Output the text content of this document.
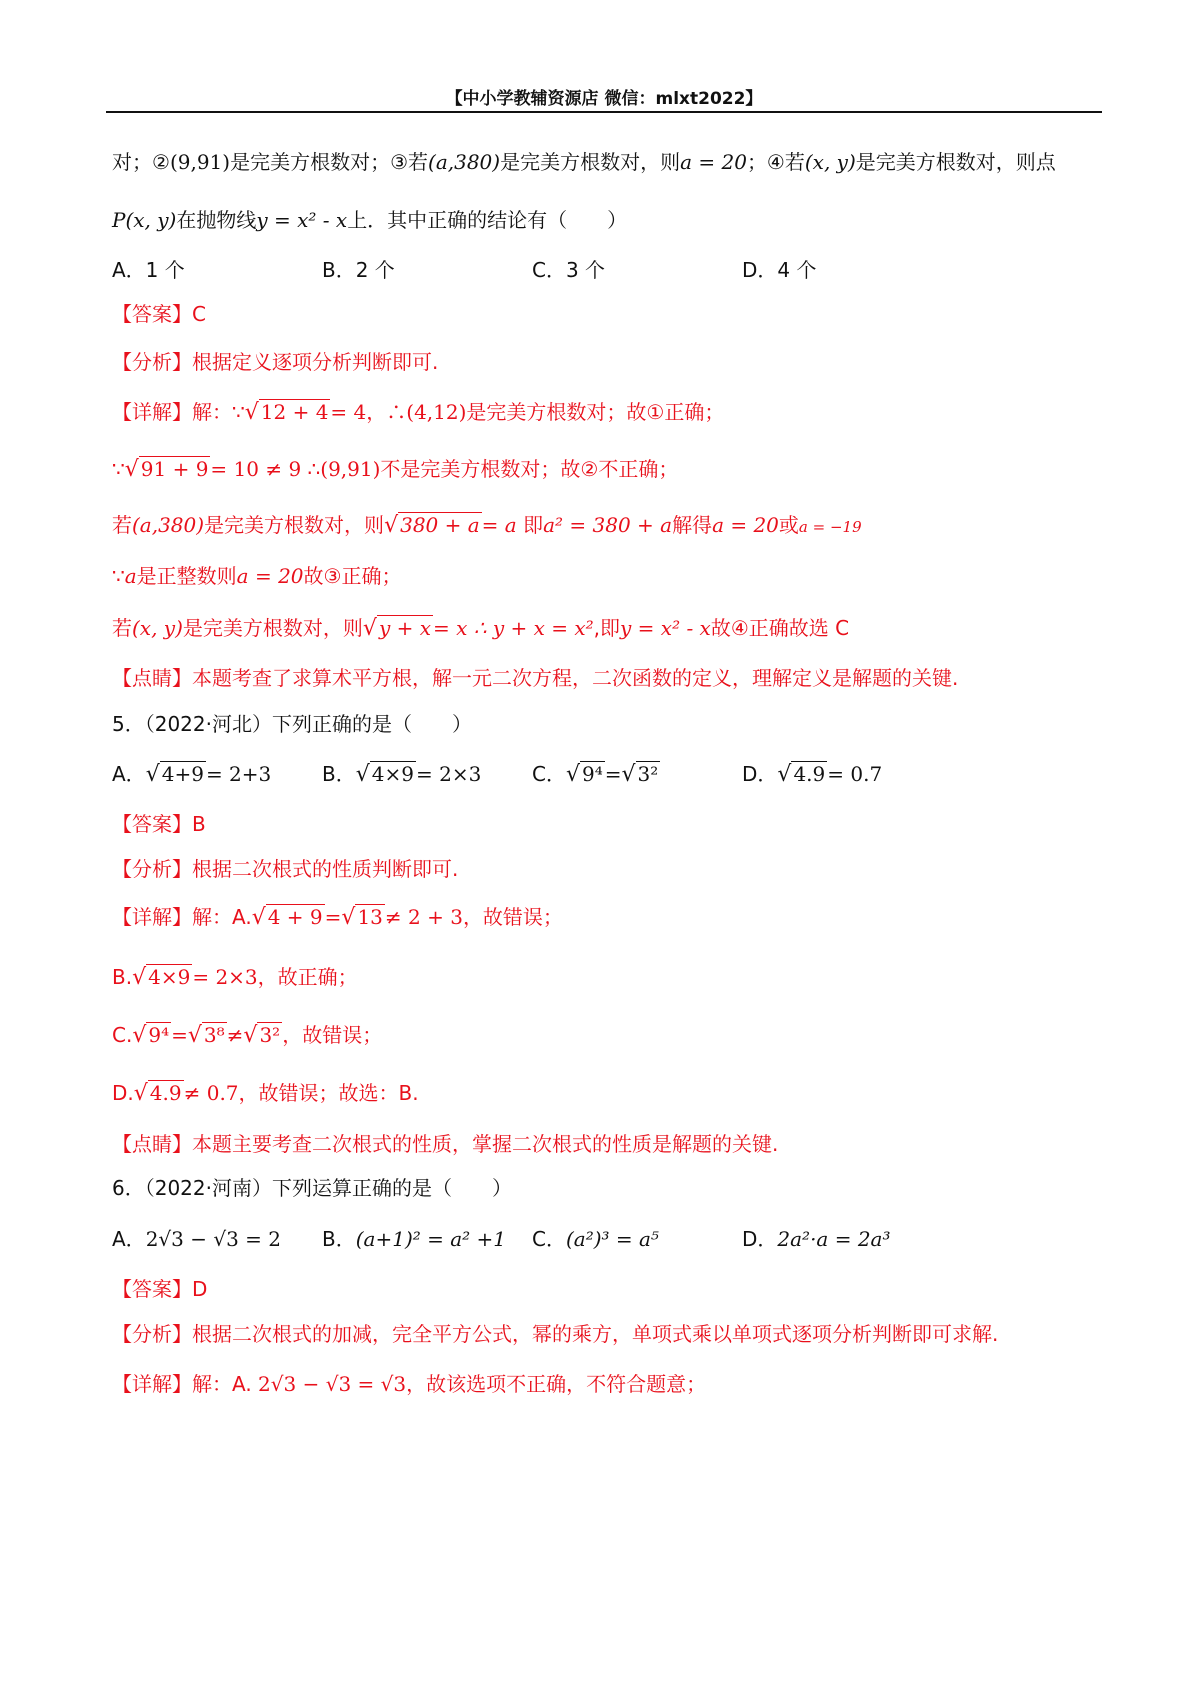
【中小学教辅资源店 微信：mlxt2022】
对；②(9,91)是完美方根数对；③若(a,380)是完美方根数对，则a = 20；④若(x, y)是完美方根数对，则点
P(x, y)在抛物线y = x² - x上．其中正确的结论有（　　）
A．1 个	B．2 个	C．3 个	D．4 个
【答案】C
【分析】根据定义逐项分析判断即可.
【详解】解：∵√ 12 + 4 = 4，∴(4,12)是完美方根数对；故①正确；
∵√ 91 + 9 = 10 ≠ 9 ∴(9,91)不是完美方根数对；故②不正确；
若(a,380)是完美方根数对，则√ 380 + a = a 即a² = 380 + a解得a = 20或a = −19
∵a是正整数则a = 20故③正确；
若(x, y)是完美方根数对，则√ y + x = x ∴ y + x = x²,即y = x² - x故④正确故选 C
【点睛】本题考查了求算术平方根，解一元二次方程，二次函数的定义，理解定义是解题的关键.
5．（2022·河北）下列正确的是（　　）
A．√ 4+9 = 2+3	B．√ 4×9 = 2×3	C．√ 9⁴ =√ 3²	D．√ 4.9 = 0.7
【答案】B
【分析】根据二次根式的性质判断即可.
【详解】解：A.√ 4 + 9 =√ 13 ≠ 2 + 3，故错误；
B.√ 4×9 = 2×3，故正确；
C.√ 9⁴ =√ 3⁸ ≠√ 3² ，故错误；
D.√ 4.9 ≠ 0.7，故错误；故选：B.
【点睛】本题主要考查二次根式的性质，掌握二次根式的性质是解题的关键.
6．（2022·河南）下列运算正确的是（　　）
A．2√3 − √3 = 2 B．(a+1)² = a² +1 C．(a²)³ = a⁵	D．2a²·a = 2a³
【答案】D
【分析】根据二次根式的加减，完全平方公式，幂的乘方，单项式乘以单项式逐项分析判断即可求解.
【详解】解：A. 2√3 − √3 = √3，故该选项不正确，不符合题意；
